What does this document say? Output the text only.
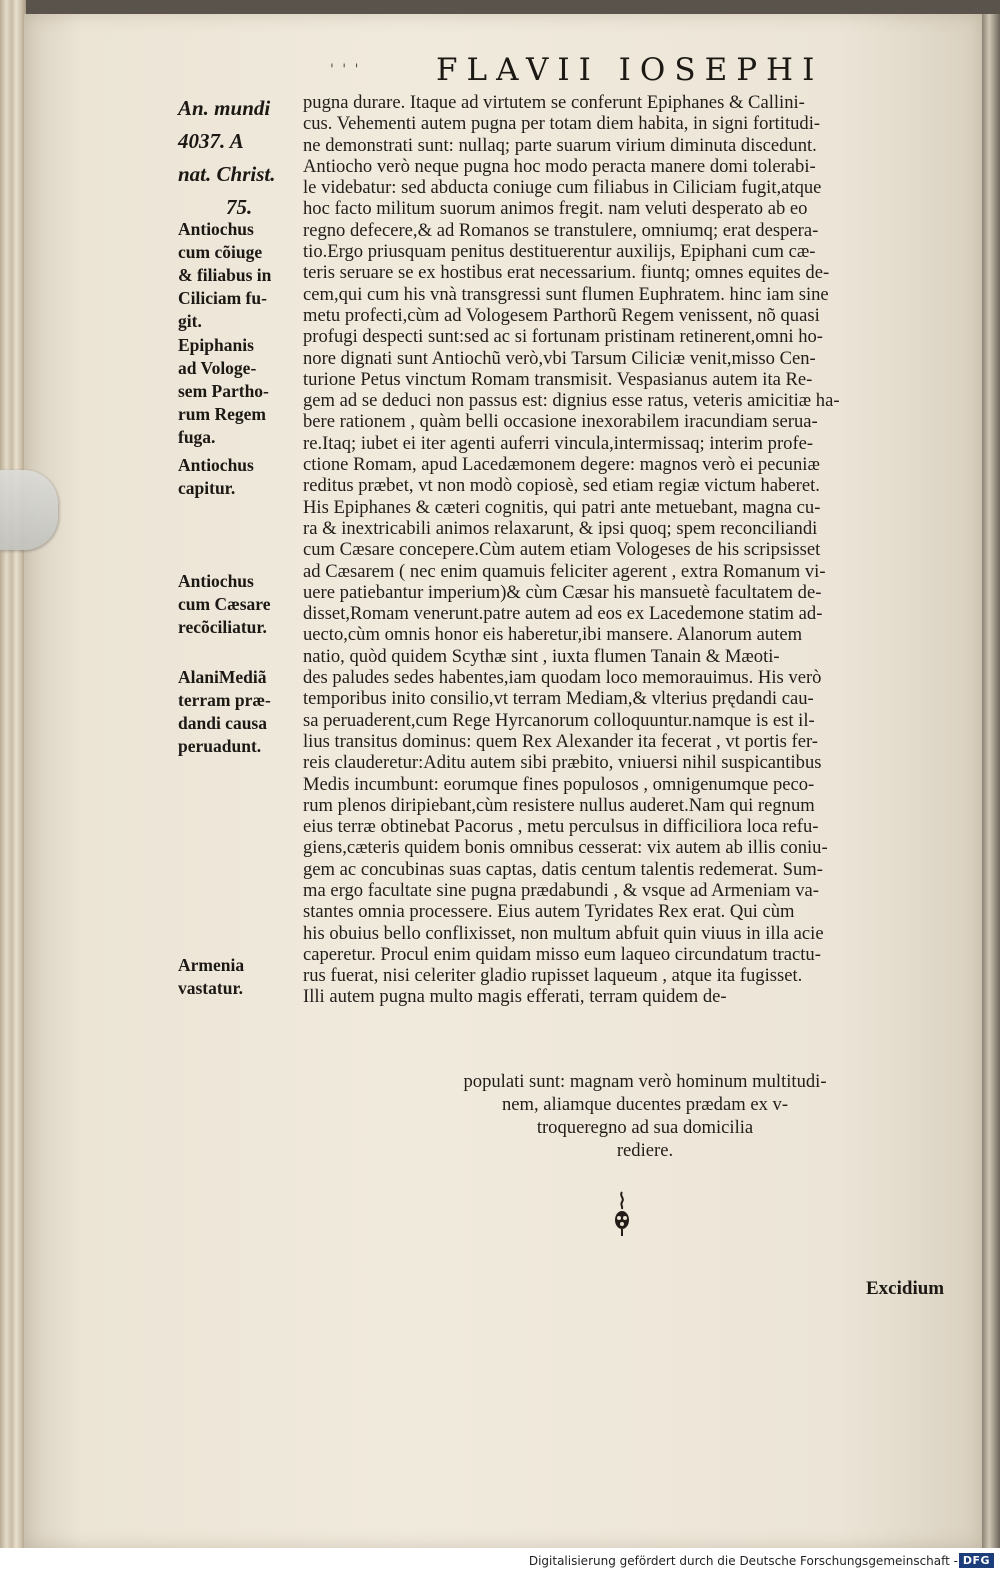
' ' ' FLAVII IOSEPHI
An. mundi
4037. A
nat. Christ.
75.
Antiochus
cum cõiuge
& filiabus in
Ciliciam fu-
git.
Epiphanis
ad Vologe-
sem Partho-
rum Regem
fuga.
Antiochus
capitur.
Antiochus
cum Cæsare
recõciliatur.
AlaniMediã
terram præ-
dandi causa
peruadunt.
Armenia
vastatur.
pugna durare. Itaque ad virtutem se conferunt Epiphanes & Callini-
cus. Vehementi autem pugna per totam diem habita, in signi fortitudi-
ne demonstrati sunt: nullaq; parte suarum virium diminuta discedunt.
Antiocho verò neque pugna hoc modo peracta manere domi tolerabi-
le videbatur: sed abducta coniuge cum filiabus in Ciliciam fugit,atque
hoc facto militum suorum animos fregit. nam veluti desperato ab eo
regno defecere,& ad Romanos se transtulere, omniumq; erat despera-
tio.Ergo priusquam penitus destituerentur auxilijs, Epiphani cum cæ-
teris seruare se ex hostibus erat necessarium. fiuntq; omnes equites de-
cem,qui cum his vnà transgressi sunt flumen Euphratem. hinc iam sine
metu profecti,cùm ad Vologesem Parthorũ Regem venissent, nõ quasi
profugi despecti sunt:sed ac si fortunam pristinam retinerent,omni ho-
nore dignati sunt Antiochũ verò,vbi Tarsum Ciliciæ venit,misso Cen-
turione Petus vinctum Romam transmisit. Vespasianus autem ita Re-
gem ad se deduci non passus est: dignius esse ratus, veteris amicitiæ ha-
bere rationem , quàm belli occasione inexorabilem iracundiam serua-
re.Itaq; iubet ei iter agenti auferri vincula,intermissaq; interim profe-
ctione Romam, apud Lacedæmonem degere: magnos verò ei pecuniæ
reditus præbet, vt non modò copiosè, sed etiam regiæ victum haberet.
His Epiphanes & cæteri cognitis, qui patri ante metuebant, magna cu-
ra & inextricabili animos relaxarunt, & ipsi quoq; spem reconciliandi
cum Cæsare concepere.Cùm autem etiam Vologeses de his scripsisset
ad Cæsarem ( nec enim quamuis feliciter agerent , extra Romanum vi-
uere patiebantur imperium)& cùm Cæsar his mansuetè facultatem de-
disset,Romam venerunt.patre autem ad eos ex Lacedemone statim ad-
uecto,cùm omnis honor eis haberetur,ibi mansere. Alanorum autem
natio, quòd quidem Scythæ sint , iuxta flumen Tanain & Mæoti-
des paludes sedes habentes,iam quodam loco memorauimus. His verò
temporibus inito consilio,vt terram Mediam,& vlterius prędandi cau-
sa peruaderent,cum Rege Hyrcanorum colloquuntur.namque is est il-
lius transitus dominus: quem Rex Alexander ita fecerat , vt portis fer-
reis clauderetur:Aditu autem sibi præbito, vniuersi nihil suspicantibus
Medis incumbunt: eorumque fines populosos , omnigenumque peco-
rum plenos diripiebant,cùm resistere nullus auderet.Nam qui regnum
eius terræ obtinebat Pacorus , metu perculsus in difficiliora loca refu-
giens,cæteris quidem bonis omnibus cesserat: vix autem ab illis coniu-
gem ac concubinas suas captas, datis centum talentis redemerat. Sum-
ma ergo facultate sine pugna prædabundi , & vsque ad Armeniam va-
stantes omnia processere. Eius autem Tyridates Rex erat. Qui cùm
his obuius bello conflixisset, non multum abfuit quin viuus in illa acie
caperetur. Procul enim quidam misso eum laqueo circundatum tractu-
rus fuerat, nisi celeriter gladio rupisset laqueum , atque ita fugisset.
Illi autem pugna multo magis efferati, terram quidem de-
populati sunt: magnam verò hominum multitudi-
nem, aliamque ducentes prædam ex v-
troqueregno ad sua domicilia
rediere.
Excidium
Digitalisierung gefördert durch die Deutsche Forschungsgemeinschaft - DFG
